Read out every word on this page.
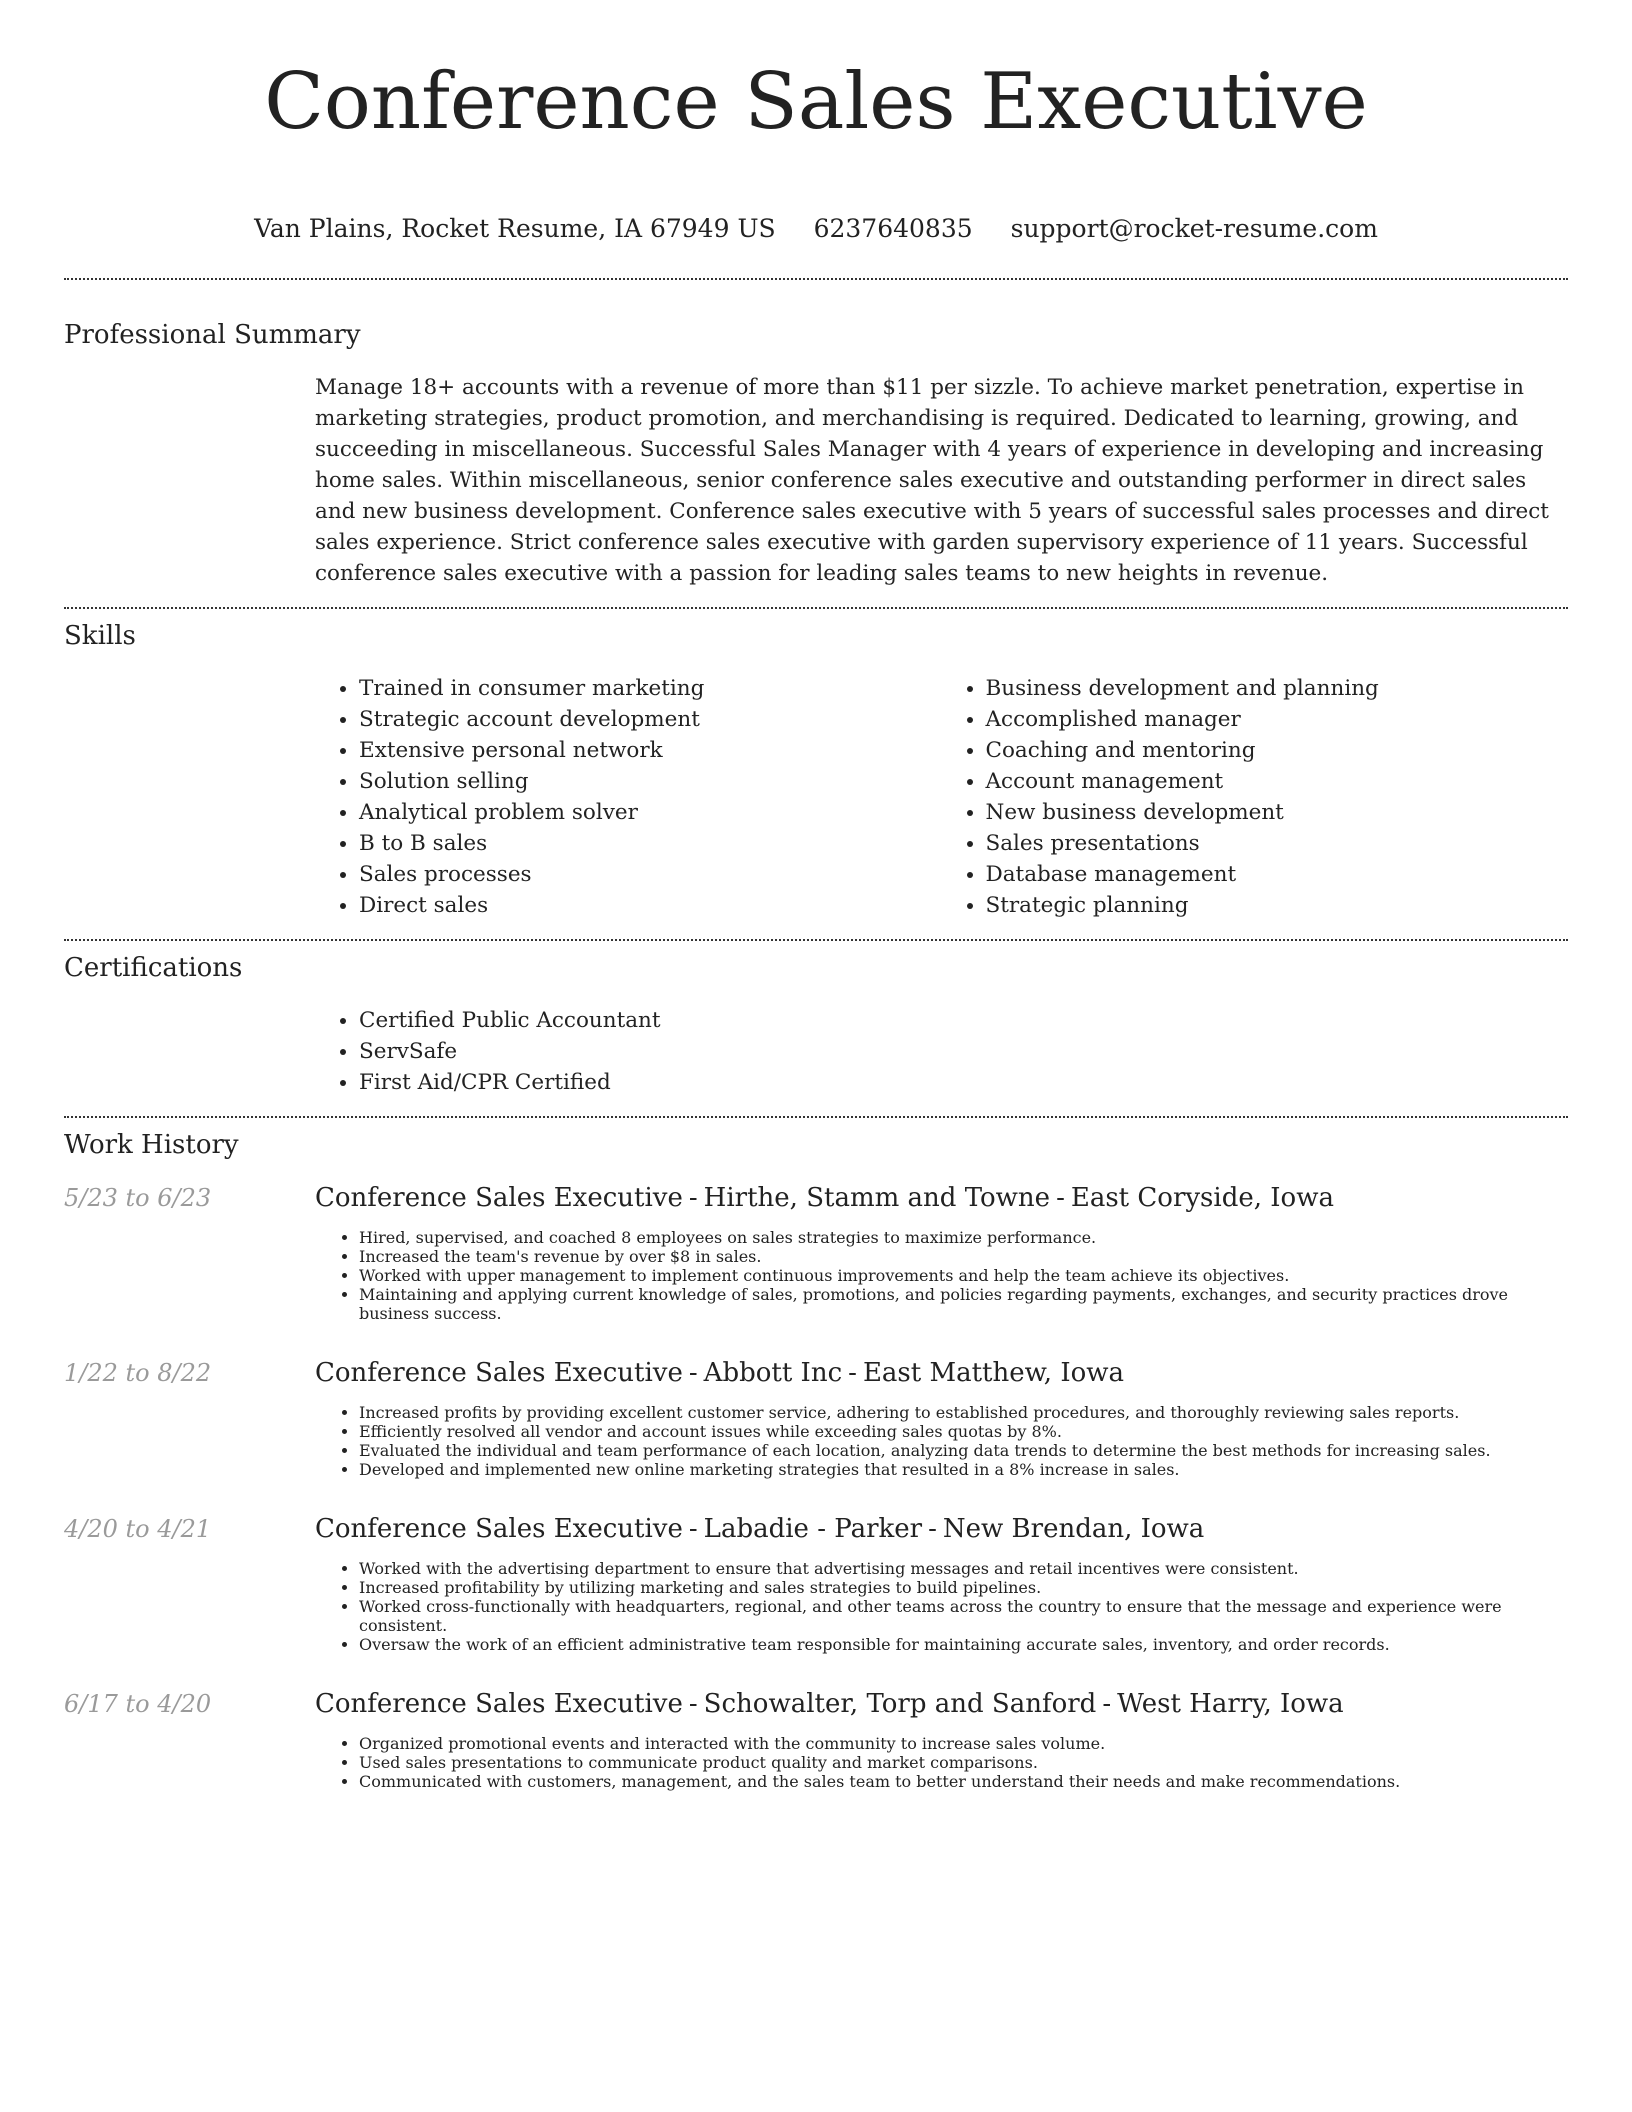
Conference Sales Executive
Van Plains, Rocket Resume, IA 67949 US 6237640835 support@rocket-resume.com
Professional Summary

Manage 18+ accounts with a revenue of more than $11 per sizzle. To achieve market penetration, expertise in marketing strategies, product promotion, and merchandising is required. Dedicated to learning, growing, and succeeding in miscellaneous. Successful Sales Manager with 4 years of experience in developing and increasing home sales. Within miscellaneous, senior conference sales executive and outstanding performer in direct sales and new business development. Conference sales executive with 5 years of successful sales processes and direct sales experience. Strict conference sales executive with garden supervisory experience of 11 years. Successful conference sales executive with a passion for leading sales teams to new heights in revenue.

Skills
• Trained in consumer marketing
• Strategic account development
• Extensive personal network
• Solution selling
• Analytical problem solver
• B to B sales
• Sales processes
• Direct sales
• Business development and planning
• Accomplished manager
• Coaching and mentoring
• Account management
• New business development
• Sales presentations
• Database management
• Strategic planning
Certifications
• Certified Public Accountant
• ServSafe
• First Aid/CPR Certified
Work History
5/23 to 6/23	Conference Sales Executive - Hirthe, Stamm and Towne - East Coryside, Iowa
• Hired, supervised, and coached 8 employees on sales strategies to maximize performance.
• Increased the team's revenue by over $8 in sales.
• Worked with upper management to implement continuous improvements and help the team achieve its objectives.
• Maintaining and applying current knowledge of sales, promotions, and policies regarding payments, exchanges, and security practices drove business success.
1/22 to 8/22	Conference Sales Executive - Abbott Inc - East Matthew, Iowa
• Increased profits by providing excellent customer service, adhering to established procedures, and thoroughly reviewing sales reports.
• Efficiently resolved all vendor and account issues while exceeding sales quotas by 8%.
• Evaluated the individual and team performance of each location, analyzing data trends to determine the best methods for increasing sales.
• Developed and implemented new online marketing strategies that resulted in a 8% increase in sales.
4/20 to 4/21	Conference Sales Executive - Labadie - Parker - New Brendan, Iowa
• Worked with the advertising department to ensure that advertising messages and retail incentives were consistent.
• Increased profitability by utilizing marketing and sales strategies to build pipelines.
• Worked cross-functionally with headquarters, regional, and other teams across the country to ensure that the message and experience were consistent.
• Oversaw the work of an efficient administrative team responsible for maintaining accurate sales, inventory, and order records.
6/17 to 4/20	Conference Sales Executive - Schowalter, Torp and Sanford - West Harry, Iowa
• Organized promotional events and interacted with the community to increase sales volume.
• Used sales presentations to communicate product quality and market comparisons.
• Communicated with customers, management, and the sales team to better understand their needs and make recommendations.
